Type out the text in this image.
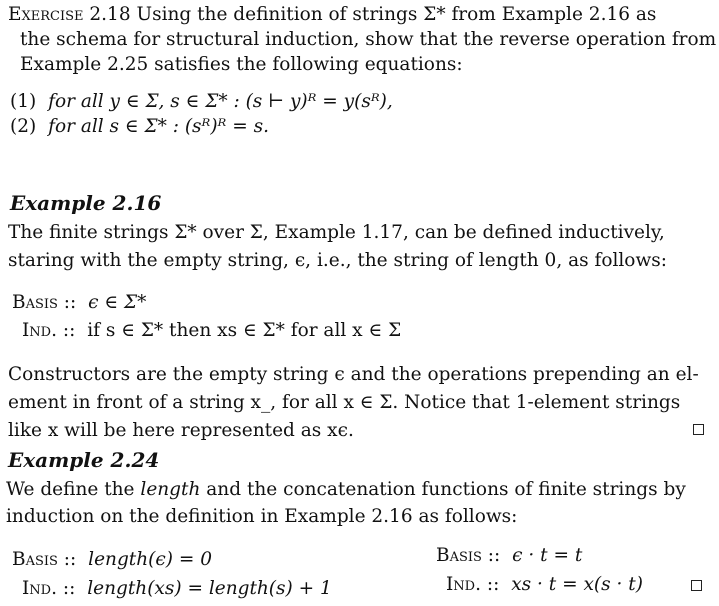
Exercise 2.18 Using the definition of strings Σ* from Example 2.16 as
the schema for structural induction, show that the reverse operation from
Example 2.25 satisfies the following equations:
(1) for all y ∈ Σ, s ∈ Σ* : (s ⊢ y)ᴿ = y(sᴿ),
(2) for all s ∈ Σ* : (sᴿ)ᴿ = s.
Example 2.16
The finite strings Σ* over Σ, Example 1.17, can be defined inductively,
staring with the empty string, ϵ, i.e., the string of length 0, as follows:
Basis :: ϵ ∈ Σ*
Ind. :: if s ∈ Σ* then xs ∈ Σ* for all x ∈ Σ
Constructors are the empty string ϵ and the operations prepending an el-
ement in front of a string x_, for all x ∈ Σ. Notice that 1-element strings
like x will be here represented as xϵ.
Example 2.24
We define the length and the concatenation functions of finite strings by
induction on the definition in Example 2.16 as follows:
Basis :: length(ϵ) = 0
Ind. :: length(xs) = length(s) + 1
Basis :: ϵ · t = t
Ind. :: xs · t = x(s · t)
